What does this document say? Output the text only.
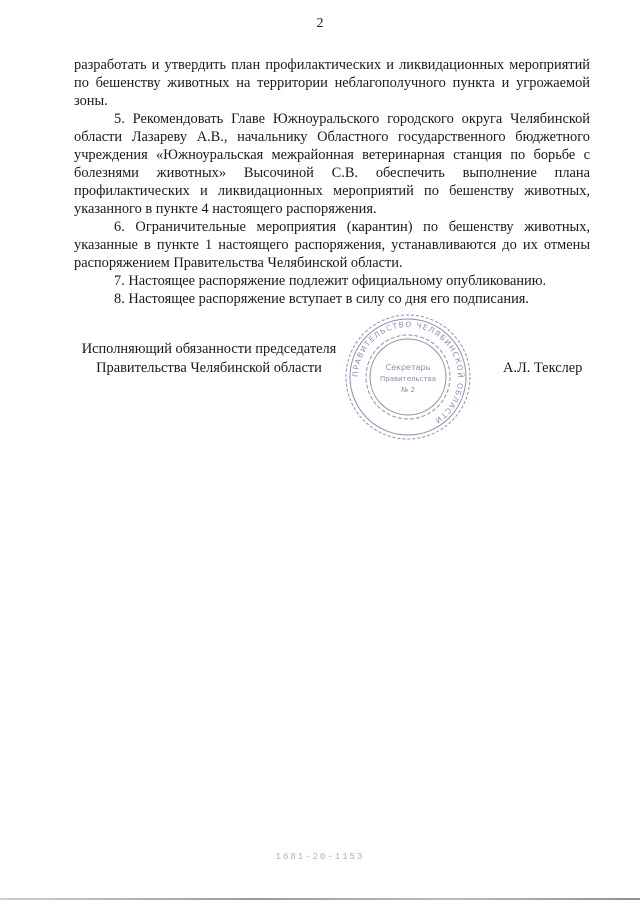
2

разработать и утвердить план профилактических и ликвидационных мероприятий по бешенству животных на территории неблагополучного пункта и угрожаемой зоны.

5. Рекомендовать Главе Южноуральского городского округа Челябинской области Лазареву А.В., начальнику Областного государственного бюджетного учреждения «Южноуральская межрайонная ветеринарная станция по борьбе с болезнями животных» Высочиной С.В. обеспечить выполнение плана профилактических и ликвидационных мероприятий по бешенству животных, указанного в пункте 4 настоящего распоряжения.

6. Ограничительные мероприятия (карантин) по бешенству животных, указанные в пункте 1 настоящего распоряжения, устанавливаются до их отмены распоряжением Правительства Челябинской области.

7. Настоящее распоряжение подлежит официальному опубликованию.

8. Настоящее распоряжение вступает в силу со дня его подписания.

Исполняющий обязанности председателя
Правительства Челябинской области	ПРАВИТЕЛЬСТВО ЧЕЛЯБИНСКОЙ ОБЛАСТИ
Секретарь
Правительства
№ 2
А.Л. Текслер
1681-20-1153
